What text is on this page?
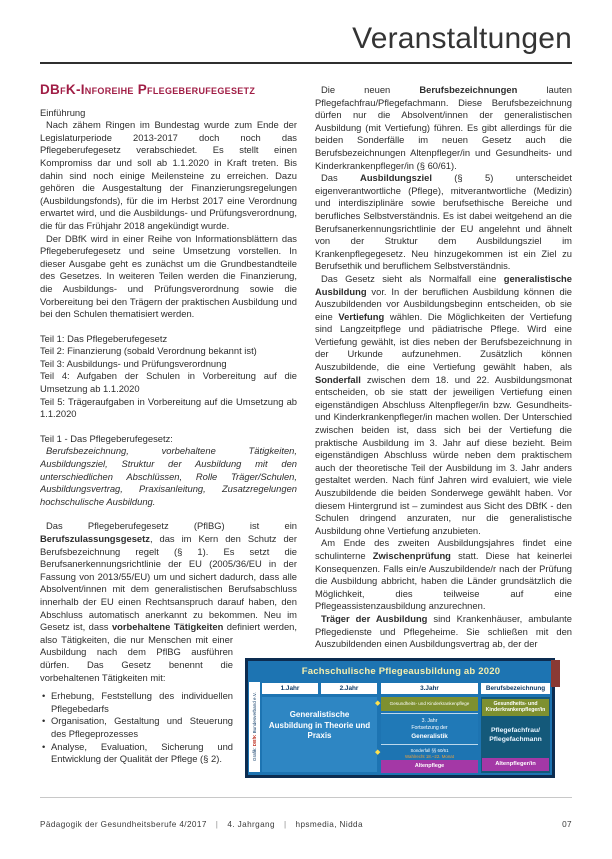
Veranstaltungen
DBfK-Inforeihe Pflegeberufegesetz

Einführung

Nach zähem Ringen im Bundestag wurde zum Ende der Legislaturperiode 2013-2017 doch noch das Pflegeberufegesetz verabschiedet. Es stellt einen Kompromiss dar und soll ab 1.1.2020 in Kraft treten. Bis dahin sind noch einige Meilensteine zu erreichen. Dazu gehören die Ausgestaltung der Finanzierungsregelungen (Ausbildungsfonds), für die im Herbst 2017 eine Verordnung erwartet wird, und die Ausbildungs- und Prüfungsverordnung, die für das Frühjahr 2018 angekündigt wurde.

Der DBfK wird in einer Reihe von Informationsblättern das Pflegeberufegesetz und seine Umsetzung vorstellen. In dieser Ausgabe geht es zunächst um die Grundbestandteile des Gesetzes. In weiteren Teilen werden die Finanzierung, die Ausbildungs- und Prüfungsverordnung sowie die Vorbereitung bei den Trägern der praktischen Ausbildung und bei den Schulen thematisiert werden.

Teil 1: Das Pflegeberufegesetz

Teil 2: Finanzierung (sobald Verordnung bekannt ist)

Teil 3: Ausbildungs- und Prüfungsverordnung

Teil 4: Aufgaben der Schulen in Vorbereitung auf die Umsetzung ab 1.1.2020

Teil 5: Trägeraufgaben in Vorbereitung auf die Umsetzung ab 1.1.2020

Teil 1 - Das Pflegeberufegesetz:

Berufsbezeichnung, vorbehaltene Tätigkeiten, Ausbildungsziel, Struktur der Ausbildung mit den unterschiedlichen Abschlüssen, Rolle Träger/Schulen, Ausbildungsvertrag, Praxisanleitung, Zusatzregelungen hochschulische Ausbildung.

Das Pflegeberufegesetz (PflBG) ist ein Berufszulassungsgesetz, das im Kern den Schutz der Berufsbezeichnung regelt (§ 1). Es setzt die Berufsanerkennungsrichtlinie der EU (2005/36/EU in der Fassung von 2013/55/EU) um und sichert dadurch, dass alle Absolvent/innen mit dem generalistischen Berufsabschluss innerhalb der EU einen Rechtsanspruch darauf haben, den Abschluss automatisch anerkannt zu bekommen. Neu im Gesetz ist, dass vorbehaltene Tätigkeiten definiert werden, also Tätigkeiten, die nur Menschen mit
einer Ausbildung nach dem PflBG ausführen dürfen. Das Gesetz benennt die vorbehaltenen Tätigkeiten mit:

• Erhebung, Feststellung des individuellen Pflegebedarfs
• Organisation, Gestaltung und Steuerung des Pflegeprozesses
• Analyse, Evaluation, Sicherung und Entwicklung der Qualität der Pflege (§ 2).

Die neuen Berufsbezeichnungen lauten Pflegefachfrau/Pflegefachmann. Diese Berufsbezeichnung dürfen nur die Absolvent/innen der generalistischen Ausbildung (mit Vertiefung) führen. Es gibt allerdings für die beiden Sonderfälle im neuen Gesetz auch die Berufsbezeichnungen Altenpfleger/in und Gesundheits- und Kinderkrankenpfleger/in (§ 60/61).

Das Ausbildungsziel (§ 5) unterscheidet eigenverantwortliche (Pflege), mitverantwortliche (Medizin) und interdisziplinäre sowie berufsethische Bereiche und berufliches Selbstverständnis. Es ist dabei weitgehend an die Berufsanerkennungsrichtlinie der EU angelehnt und ähnelt von der Struktur dem Ausbildungsziel im Krankenpflegegesetz. Neu hinzugekommen ist ein Ziel zu Berufsethik und beruflichem Selbstverständnis.

Das Gesetz sieht als Normalfall eine generalistische Ausbildung vor. In der beruflichen Ausbildung können die Auszubildenden vor Ausbildungsbeginn entscheiden, ob sie eine Vertiefung wählen. Die Möglichkeiten der Vertiefung sind Langzeitpflege und pädiatrische Pflege. Wird eine Vertiefung gewählt, ist dies neben der Berufsbezeichnung in der Urkunde aufzunehmen. Zusätzlich können Auszubildende, die eine Vertiefung gewählt haben, als Sonderfall zwischen dem 18. und 22. Ausbildungsmonat entscheiden, ob sie statt der jeweiligen Vertiefung einen eigenständigen Abschluss Altenpfleger/in bzw. Gesundheits- und Kinderkrankenpfleger/in machen wollen. Der Unterschied zwischen beiden ist, dass sich bei der Vertiefung die praktische Ausbildung im 3. Jahr auf diese bezieht. Beim eigenständigen Abschluss würde neben dem praktischem auch der theoretische Teil der Ausbildung im 3. Jahr anders gestaltet werden. Nach fünf Jahren wird evaluiert, wie viele Auszubildende die beiden Sonderwege gewählt haben. Vor diesem Hintergrund ist – zumindest aus Sicht des DBfK - den Schulen dringend anzuraten, nur die generalistische Ausbildung ohne Vertiefung anzubieten.

Am Ende des zweiten Ausbildungsjahres findet eine schulinterne Zwischenprüfung statt. Diese hat keinerlei Konsequenzen. Falls ein/e Auszubildende/r nach der Prüfung die Ausbildung abbricht, haben die Länder grundsätzlich die Möglichkeit, dies teilweise auf eine Pflegeassistenzausbildung anzurechnen.

Träger der Ausbildung sind Krankenhäuser, ambulante Pflegedienste und Pflegeheime. Sie schließen mit den Auszubildenden einen Ausbildungsvertrag ab, der der

Fachschulische Pflegeausbildung ab 2020
Grafik: DBfK Bundesverband e.V.
1.Jahr	2.Jahr	3.Jahr	Berufsbezeichnung
Generalistische Ausbildung in Theorie und Praxis
Gesundheits- und Kinderkrankenpflege
3. Jahr
Fortsetzung der
Generalistik
Sonderfall §§ 60/61
Wahlrecht 18.–22. Monat
Altenpflege
Gesundheits- und Kinderkrankenpfleger/in
Pflegefachfrau/ Pflegefachmann
Altenpfleger/in
◆
◆
Pädagogik der Gesundheitsberufe 4/2017 | 4. Jahrgang | hpsmedia, Nidda	07
